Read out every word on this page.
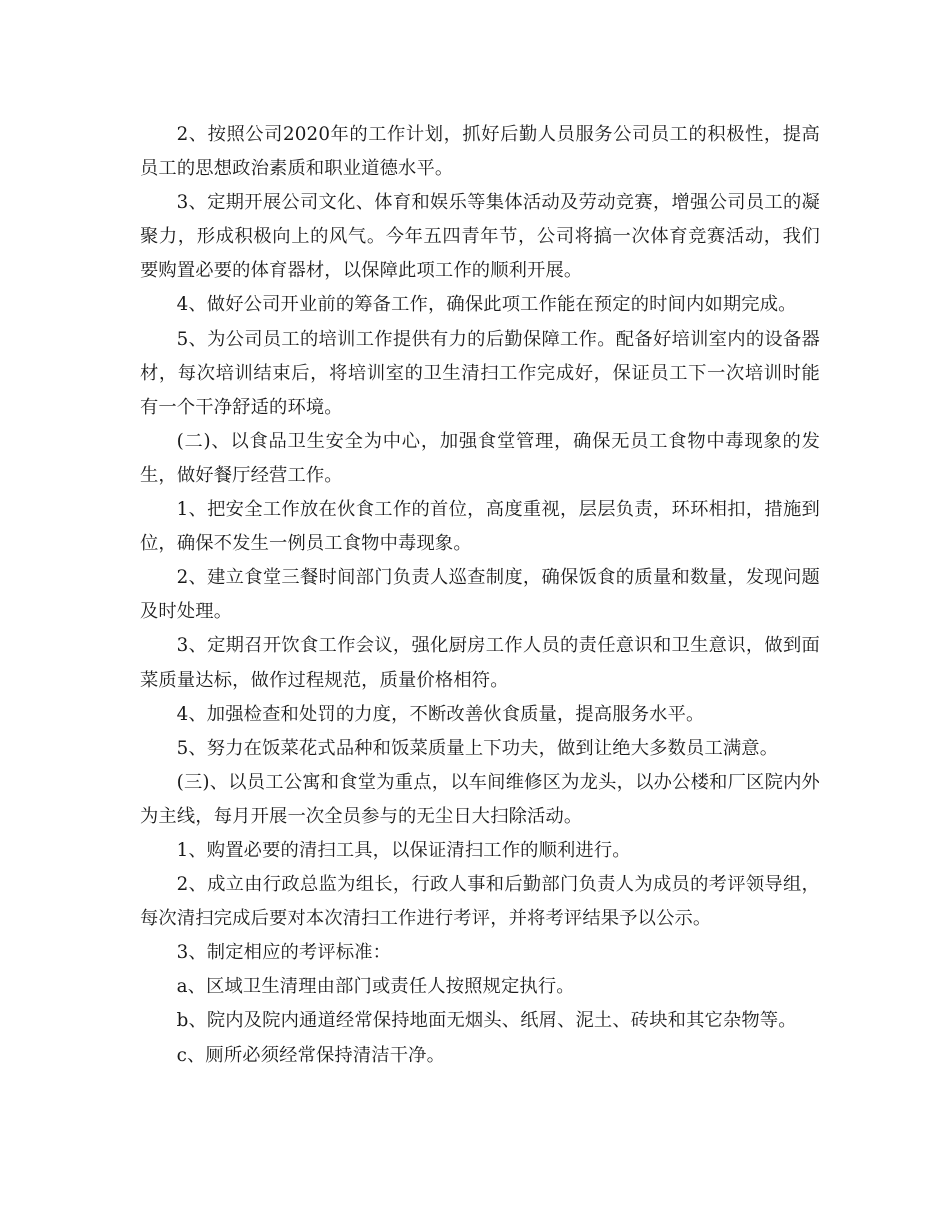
2、按照公司2020年的工作计划，抓好后勤人员服务公司员工的积极性，提高员工的思想政治素质和职业道德水平。

3、定期开展公司文化、体育和娱乐等集体活动及劳动竞赛，增强公司员工的凝聚力，形成积极向上的风气。今年五四青年节，公司将搞一次体育竞赛活动，我们要购置必要的体育器材，以保障此项工作的顺利开展。

4、做好公司开业前的筹备工作，确保此项工作能在预定的时间内如期完成。

5、为公司员工的培训工作提供有力的后勤保障工作。配备好培训室内的设备器材，每次培训结束后，将培训室的卫生清扫工作完成好，保证员工下一次培训时能有一个干净舒适的环境。

(二)、以食品卫生安全为中心，加强食堂管理，确保无员工食物中毒现象的发生，做好餐厅经营工作。

1、把安全工作放在伙食工作的首位，高度重视，层层负责，环环相扣，措施到位，确保不发生一例员工食物中毒现象。

2、建立食堂三餐时间部门负责人巡查制度，确保饭食的质量和数量，发现问题及时处理。

3、定期召开饮食工作会议，强化厨房工作人员的责任意识和卫生意识，做到面菜质量达标，做作过程规范，质量价格相符。

4、加强检查和处罚的力度，不断改善伙食质量，提高服务水平。

5、努力在饭菜花式品种和饭菜质量上下功夫，做到让绝大多数员工满意。

(三)、以员工公寓和食堂为重点，以车间维修区为龙头，以办公楼和厂区院内外为主线，每月开展一次全员参与的无尘日大扫除活动。

1、购置必要的清扫工具，以保证清扫工作的顺利进行。

2、成立由行政总监为组长，行政人事和后勤部门负责人为成员的考评领导组，每次清扫完成后要对本次清扫工作进行考评，并将考评结果予以公示。

3、制定相应的考评标准：

a、区域卫生清理由部门或责任人按照规定执行。

b、院内及院内通道经常保持地面无烟头、纸屑、泥土、砖块和其它杂物等。

c、厕所必须经常保持清洁干净。
